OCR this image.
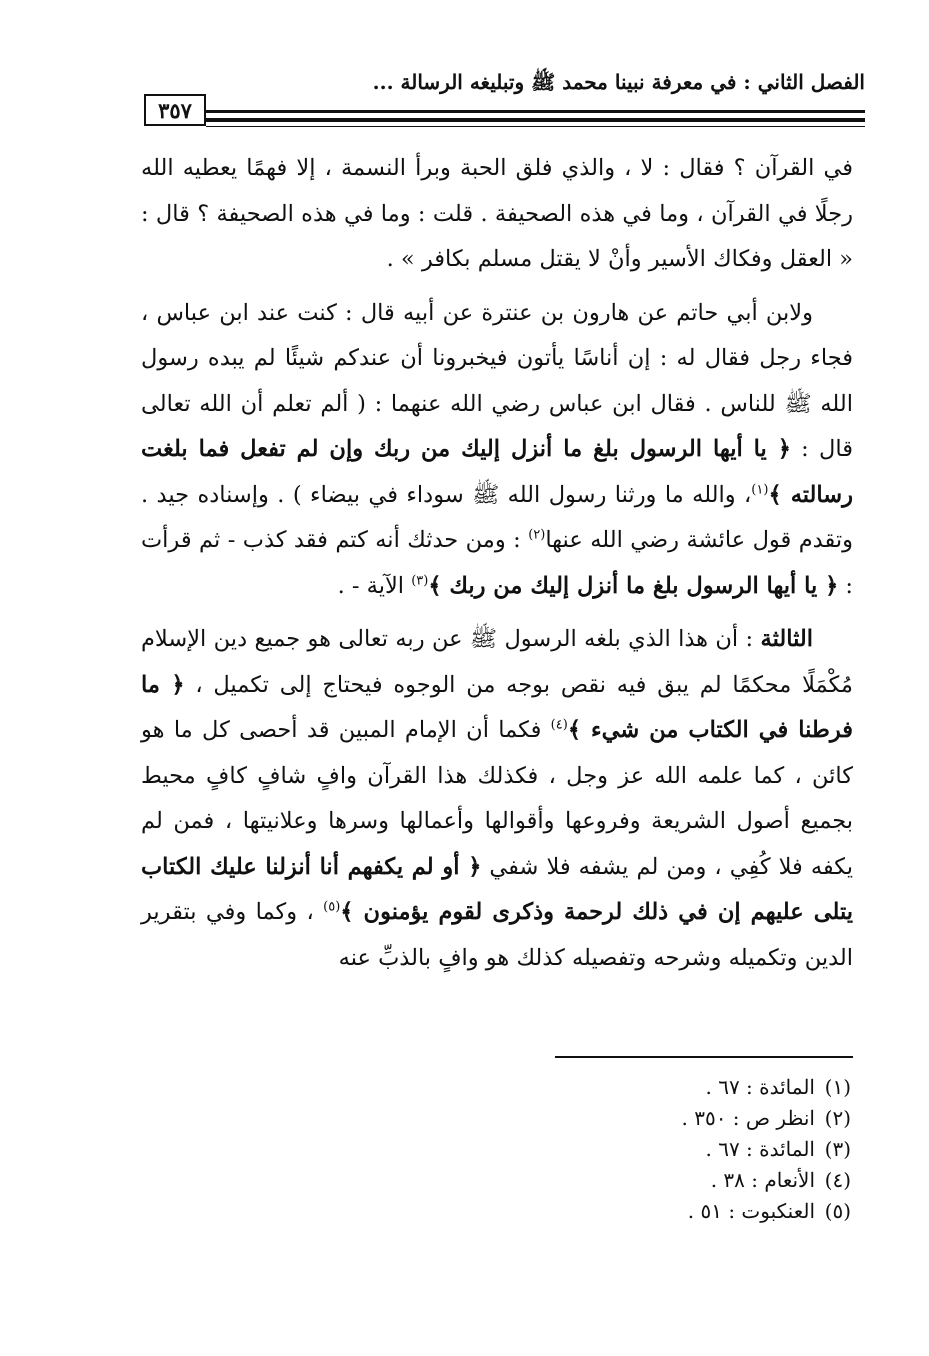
الفصل الثاني : في معرفة نبينا محمد ﷺ وتبليغه الرسالة ...
٣٥٧

في القرآن ؟ فقال : لا ، والذي فلق الحبة وبرأ النسمة ، إلا فهمًا يعطيه الله رجلًا في القرآن ، وما في هذه الصحيفة . قلت : وما في هذه الصحيفة ؟ قال : « العقل وفكاك الأسير وأنْ لا يقتل مسلم بكافر » .

ولابن أبي حاتم عن هارون بن عنترة عن أبيه قال : كنت عند ابن عباس ، فجاء رجل فقال له : إن أناسًا يأتون فيخبرونا أن عندكم شيئًا لم يبده رسول الله ﷺ للناس . فقال ابن عباس رضي الله عنهما : ( ألم تعلم أن الله تعالى قال : ﴿ يا أيها الرسول بلغ ما أنزل إليك من ربك وإن لم تفعل فما بلغت رسالته ﴾$^{(١)}$، والله ما ورثنا رسول الله ﷺ سوداء في بيضاء ) . وإسناده جيد . وتقدم قول عائشة رضي الله عنها$^{(٢)}$ : ومن حدثك أنه كتم فقد كذب - ثم قرأت : ﴿ يا أيها الرسول بلغ ما أنزل إليك من ربك ﴾$^{(٣)}$ الآية - .

الثالثة : أن هذا الذي بلغه الرسول ﷺ عن ربه تعالى هو جميع دين الإسلام مُكْمَلًا محكمًا لم يبق فيه نقص بوجه من الوجوه فيحتاج إلى تكميل ، ﴿ ما فرطنا في الكتاب من شيء ﴾$^{(٤)}$ فكما أن الإمام المبين قد أحصى كل ما هو كائن ، كما علمه الله عز وجل ، فكذلك هذا القرآن وافٍ شافٍ كافٍ محيط بجميع أصول الشريعة وفروعها وأقوالها وأعمالها وسرها وعلانيتها ، فمن لم يكفه فلا كُفِي ، ومن لم يشفه فلا شفي ﴿ أو لم يكفهم أنا أنزلنا عليك الكتاب يتلى عليهم إن في ذلك لرحمة وذكرى لقوم يؤمنون ﴾$^{(٥)}$ ، وكما وفي بتقرير الدين وتكميله وشرحه وتفصيله كذلك هو وافٍ بالذبِّ عنه

(١)المائدة : ٦٧ .
(٢)انظر ص : ٣٥٠ .
(٣)المائدة : ٦٧ .
(٤)الأنعام : ٣٨ .
(٥)العنكبوت : ٥١ .
